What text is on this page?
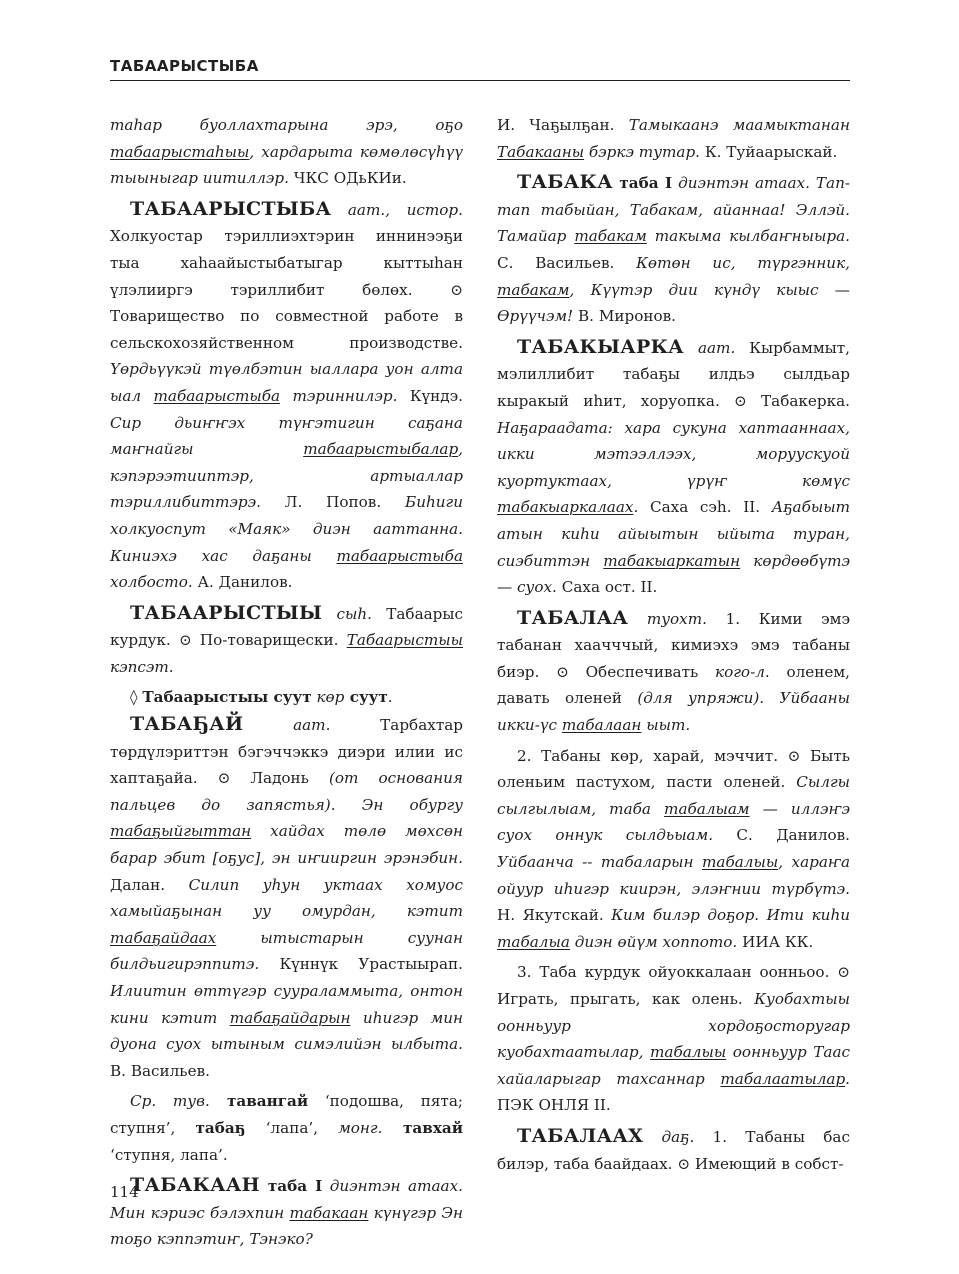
ТАБААРЫСТЫБА

таһар буоллахтарына эрэ, оҕо табаарыстаһыы, хардарыта көмөлөсүһүү тыыныгар иитиллэр. ЧКС ОДьКИи.

ТАБААРЫСТЫБА аат., истор. Холкуостар тэриллиэхтэрин иннинээҕи тыа хаһаайыстыбатыгар кыттыһан үлэлииргэ тэриллибит бөлөх. ⊙ Товарищество по совместной работе в сельскохозяйственном производстве. Үөрдьүүкэй түөлбэтин ыаллара уон алта ыал табаарыстыба тэриннилэр. Күндэ. Сир дьиҥҥэх түҥэтигин саҕана маҥнайгы табаарыстыбалар, кэпэрээтииптэр, артыаллар тэриллибиттэрэ. Л. Попов. Биһиги холкуоспут «Маяк» диэн ааттанна. Киниэхэ хас даҕаны табаарыстыба холбосто. А. Данилов.

ТАБААРЫСТЫЫ сыһ. Табаарыс курдук. ⊙ По-товарищески. Табаарыстыы кэпсэт.

◊ Табаарыстыы суут көр суут.

ТАБАҔАЙ аат. Тарбахтар төрдүлэриттэн бэгэччэккэ диэри илии ис хаптаҕайа. ⊙ Ладонь (от основания пальцев до запястья). Эн обургу табаҕыйгыттан хайдах төлө мөхсөн барар эбит [оҕус], эн иҥииргин эрэнэбин. Далан. Силип уһун уктаах хомуос хамыйаҕынан уу омурдан, кэтит табаҕайдаах ытыстарын суунан билдьигирэппитэ. Күннүк Урастыырап. Илиитин өттүгэр суураламмыта, онтон кини кэтит табаҕайдарын иһигэр мин дуона суох ытыным симэлийэн ылбыта. В. Васильев.

Ср. тув. тавангай ‘подошва, пята; ступня’, табаҕ ‘лапа’, монг. тавхай ‘ступня, лапа’.

ТАБАКААН таба I диэнтэн атаах. Мин кэриэс бэлэхпин табакаан күнүгэр Эн тоҕо кэппэтиҥ, Тэнэко?

И. Чаҕылҕан. Тамыкаанэ маамыктанан Табакааны бэркэ тутар. К. Туйаарыскай.

ТАБАКА таба I диэнтэн атаах. Тап-тап табыйан, Табакам, айаннаа! Эллэй. Тамайар табакам такыма кылбаҥныыра. С. Васильев. Көтөн ис, түргэнник, табакам, Күүтэр дии күндү кыыс — Өрүүчэм! В. Миронов.

ТАБАКЫАРКА аат. Кырбаммыт, мэлиллибит табаҕы илдьэ сылдьар кыракый иһит, хоруопка. ⊙ Табакерка. Наҕараадата: хара сукуна хаптааннаах, икки мэтээллээх, моруускуой куортуктаах, үрүҥ көмүс табакыаркалаах. Саха сэһ. II. Аҕабыыт атын киһи айыытын ыйыта туран, сиэбиттэн табакыаркатын көрдөөбүтэ — суох. Саха ост. II.

ТАБАЛАА туохт. 1. Кими эмэ табанан хаачччый, кимиэхэ эмэ табаны биэр. ⊙ Обеспечивать кого-л. оленем, давать оленей (для упряжи). Уйбааны икки-үс табалаан ыыт.

2. Табаны көр, харай, мэччит. ⊙ Быть оленьим пастухом, пасти оленей. Сылгы сылгылыам, таба табалыам — иллэҥэ суох оннук сылдьыам. С. Данилов. Уйбаанча -- табаларын табалыы, хараҥа ойуур иһигэр киирэн, элэҥнии түрбүтэ. Н. Якутскай. Ким билэр доҕор. Ити киһи табалыа диэн өйүм хоппото. ИИА КК.

3. Таба курдук ойуоккалаан оонньоо. ⊙ Играть, прыгать, как олень. Куобахтыы оонньуур хордоҕосторугар куобахтаатылар, табалыы оонньуур Таас хайаларыгар тахсаннар табалаатылар. ПЭК ОНЛЯ II.

ТАБАЛААХ даҕ. 1. Табаны бас билэр, таба баайдаах. ⊙ Имеющий в собст-

114
